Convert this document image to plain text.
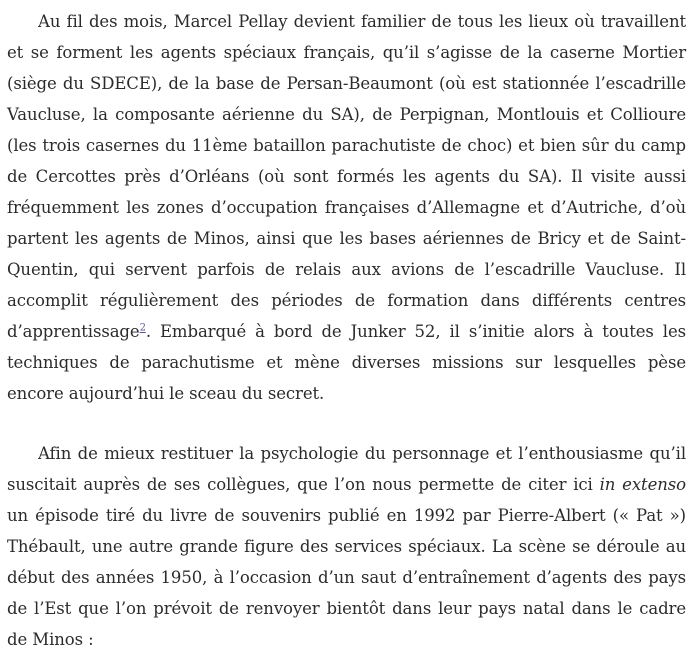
Au fil des mois, Marcel Pellay devient familier de tous les lieux où travaillent et se forment les agents spéciaux français, qu’il s’agisse de la caserne Mortier (siège du SDECE), de la base de Persan-Beaumont (où est stationnée l’escadrille Vaucluse, la composante aérienne du SA), de Perpignan, Montlouis et Collioure (les trois casernes du 11ème bataillon parachutiste de choc) et bien sûr du camp de Cercottes près d’Orléans (où sont formés les agents du SA). Il visite aussi fréquemment les zones d’occupation françaises d’Allemagne et d’Autriche, d’où partent les agents de Minos, ainsi que les bases aériennes de Bricy et de Saint-Quentin, qui servent parfois de relais aux avions de l’escadrille Vaucluse. Il accomplit régulièrement des périodes de formation dans différents centres d’apprentissage$^2$. Embarqué à bord de Junker 52, il s’initie alors à toutes les techniques de parachutisme et mène diverses missions sur lesquelles pèse encore aujourd’hui le sceau du secret.

Afin de mieux restituer la psychologie du personnage et l’enthousiasme qu’il suscitait auprès de ses collègues, que l’on nous permette de citer ici in extenso un épisode tiré du livre de souvenirs publié en 1992 par Pierre-Albert (« Pat ») Thébault, une autre grande figure des services spéciaux. La scène se déroule au début des années 1950, à l’occasion d’un saut d’entraînement d’agents des pays de l’Est que l’on prévoit de renvoyer bientôt dans leur pays natal dans le cadre de Minos :
